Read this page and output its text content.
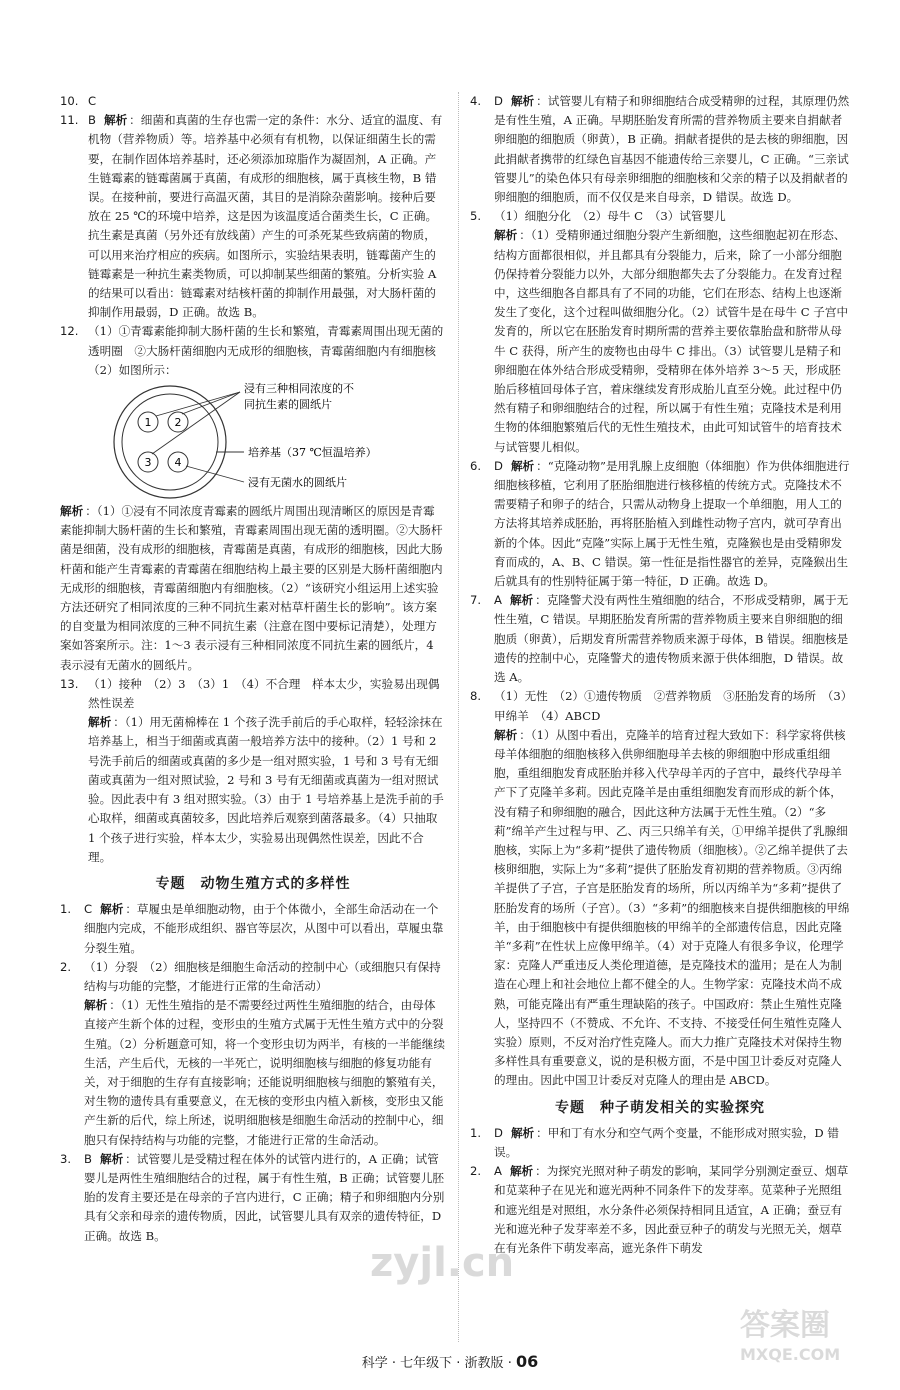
10. C
11. B 解析 ：细菌和真菌的生存也需一定的条件：水分、适宜的温度、有机物（营养物质）等。培养基中必须有有机物，以保证细菌生长的需要，在制作固体培养基时，还必须添加琼脂作为凝固剂，A 正确。产生链霉素的链霉菌属于真菌，有成形的细胞核，属于真核生物，B 错误。在接种前，要进行高温灭菌，其目的是消除杂菌影响。接种后要放在 25 ℃的环境中培养，这是因为该温度适合菌类生长，C 正确。抗生素是真菌（另外还有放线菌）产生的可杀死某些致病菌的物质，可以用来治疗相应的疾病。如图所示，实验结果表明，链霉菌产生的链霉素是一种抗生素类物质，可以抑制某些细菌的繁殖。分析实验 A 的结果可以看出：链霉素对结核杆菌的抑制作用最强，对大肠杆菌的抑制作用最弱，D 正确。故选 B。
12. （1）①青霉素能抑制大肠杆菌的生长和繁殖，青霉素周围出现无菌的透明圈　②大肠杆菌细胞内无成形的细胞核，青霉菌细胞内有细胞核　（2）如图所示：
1 2
3 4
浸有三种相同浓度的不
同抗生素的圆纸片
培养基（37 ℃恒温培养）
浸有无菌水的圆纸片
解析 ：（1）①浸有不同浓度青霉素的圆纸片周围出现清晰区的原因是青霉素能抑制大肠杆菌的生长和繁殖，青霉素周围出现无菌的透明圈。②大肠杆菌是细菌，没有成形的细胞核，青霉菌是真菌，有成形的细胞核，因此大肠杆菌和能产生青霉素的青霉菌在细胞结构上最主要的区别是大肠杆菌细胞内无成形的细胞核，青霉菌细胞内有细胞核。（2）“该研究小组运用上述实验方法还研究了相同浓度的三种不同抗生素对枯草杆菌生长的影响”。该方案的自变量为相同浓度的三种不同抗生素（注意在图中要标记清楚），处理方案如答案所示。注：1～3 表示浸有三种相同浓度不同抗生素的圆纸片，4 表示浸有无菌水的圆纸片。
13. （1）接种　（2）3　（3）1　（4）不合理　样本太少，实验易出现偶然性误差
解析 ：（1）用无菌棉棒在 1 个孩子洗手前后的手心取样，轻轻涂抹在培养基上，相当于细菌或真菌一般培养方法中的接种。（2）1 号和 2 号洗手前后的细菌或真菌的多少是一组对照实验，1 号和 3 号有无细菌或真菌为一组对照试验，2 号和 3 号有无细菌或真菌为一组对照试验。因此表中有 3 组对照实验。（3）由于 1 号培养基上是洗手前的手心取样，细菌或真菌较多，因此培养后观察到菌落最多。（4）只抽取 1 个孩子进行实验，样本太少，实验易出现偶然性误差，因此不合理。
专题　动物生殖方式的多样性
1.	C 解析 ：草履虫是单细胞动物，由于个体微小，全部生命活动在一个细胞内完成，不能形成组织、器官等层次，从图中可以看出，草履虫靠分裂生殖。
2.	（1）分裂　（2）细胞核是细胞生命活动的控制中心（或细胞只有保持结构与功能的完整，才能进行正常的生命活动）
解析 ：（1）无性生殖指的是不需要经过两性生殖细胞的结合，由母体直接产生新个体的过程，变形虫的生殖方式属于无性生殖方式中的分裂生殖。（2）分析题意可知，将一个变形虫切为两半，有核的一半能继续生活，产生后代，无核的一半死亡，说明细胞核与细胞的修复功能有关，对于细胞的生存有直接影响；还能说明细胞核与细胞的繁殖有关，对生物的遗传具有重要意义，在无核的变形虫内植入新核，变形虫又能产生新的后代，综上所述，说明细胞核是细胞生命活动的控制中心，细胞只有保持结构与功能的完整，才能进行正常的生命活动。
3.	B 解析 ：试管婴儿是受精过程在体外的试管内进行的，A 正确；试管婴儿是两性生殖细胞结合的过程，属于有性生殖，B 正确；试管婴儿胚胎的发育主要还是在母亲的子宫内进行，C 正确；精子和卵细胞内分别具有父亲和母亲的遗传物质，因此，试管婴儿具有双亲的遗传特征，D 正确。故选 B。
4.	D 解析 ：试管婴儿有精子和卵细胞结合成受精卵的过程，其原理仍然是有性生殖，A 正确。早期胚胎发育所需的营养物质主要来自捐献者卵细胞的细胞质（卵黄），B 正确。捐献者提供的是去核的卵细胞，因此捐献者携带的红绿色盲基因不能遗传给三亲婴儿，C 正确。“三亲试管婴儿”的染色体只有母亲卵细胞的细胞核和父亲的精子以及捐献者的卵细胞的细胞质，而不仅仅是来自母亲，D 错误。故选 D。
5.	（1）细胞分化　（2）母牛 C　（3）试管婴儿
解析 ：（1）受精卵通过细胞分裂产生新细胞，这些细胞起初在形态、结构方面都很相似，并且都具有分裂能力，后来，除了一小部分细胞仍保持着分裂能力以外，大部分细胞都失去了分裂能力。在发育过程中，这些细胞各自都具有了不同的功能，它们在形态、结构上也逐渐发生了变化，这个过程叫做细胞分化。（2）试管牛是在母牛 C 子宫中发育的，所以它在胚胎发育时期所需的营养主要依靠胎盘和脐带从母牛 C 获得，所产生的废物也由母牛 C 排出。（3）试管婴儿是精子和卵细胞在体外结合形成受精卵，受精卵在体外培养 3～5 天，形成胚胎后移植回母体子宫，着床继续发育形成胎儿直至分娩。此过程中仍然有精子和卵细胞结合的过程，所以属于有性生殖；克隆技术是利用生物的体细胞繁殖后代的无性生殖技术，由此可知试管牛的培育技术与试管婴儿相似。
6.	D 解析 ：“克隆动物”是用乳腺上皮细胞（体细胞）作为供体细胞进行细胞核移植，它利用了胚胎细胞进行核移植的传统方式。克隆技术不需要精子和卵子的结合，只需从动物身上提取一个单细胞，用人工的方法将其培养成胚胎，再将胚胎植入到雌性动物子宫内，就可孕育出新的个体。因此“克隆”实际上属于无性生殖，克隆猴也是由受精卵发育而成的，A、B、C 错误。第一性征是指性器官的差异，克隆猴出生后就具有的性别特征属于第一特征，D 正确。故选 D。
7.	A 解析 ：克隆警犬没有两性生殖细胞的结合，不形成受精卵，属于无性生殖，C 错误。早期胚胎发育所需的营养物质主要来自卵细胞的细胞质（卵黄），后期发育所需营养物质来源于母体，B 错误。细胞核是遗传的控制中心，克隆警犬的遗传物质来源于供体细胞，D 错误。故选 A。
8.	（1）无性　（2）①遗传物质　②营养物质　③胚胎发育的场所　（3）甲绵羊　（4）ABCD
解析 ：（1）从图中看出，克隆羊的培育过程大致如下：科学家将供核母羊体细胞的细胞核移入供卵细胞母羊去核的卵细胞中形成重组细胞，重组细胞发育成胚胎并移入代孕母羊丙的子宫中，最终代孕母羊产下了克隆羊多莉。因此克隆羊是由重组细胞发育而形成的新个体，没有精子和卵细胞的融合，因此这种方法属于无性生殖。（2）“多莉”绵羊产生过程与甲、乙、丙三只绵羊有关，①甲绵羊提供了乳腺细胞核，实际上为“多莉”提供了遗传物质（细胞核）。②乙绵羊提供了去核卵细胞，实际上为“多莉”提供了胚胎发育初期的营养物质。③丙绵羊提供了子宫，子宫是胚胎发育的场所，所以丙绵羊为“多莉”提供了胚胎发育的场所（子宫）。（3）“多莉”的细胞核来自提供细胞核的甲绵羊，由于细胞核中有提供细胞核的甲绵羊的全部遗传信息，因此克隆羊“多莉”在性状上应像甲绵羊。（4）对于克隆人有很多争议，伦理学家：克隆人严重违反人类伦理道德，是克隆技术的滥用；是在人为制造在心理上和社会地位上都不健全的人。生物学家：克隆技术尚不成熟，可能克隆出有严重生理缺陷的孩子。中国政府：禁止生殖性克隆人，坚持四不（不赞成、不允许、不支持、不接受任何生殖性克隆人实验）原则，不反对治疗性克隆人。而大力推广克隆技术对保持生物多样性具有重要意义，说的是积极方面，不是中国卫计委反对克隆人的理由。因此中国卫计委反对克隆人的理由是 ABCD。
专题　种子萌发相关的实验探究
1.	D 解析 ：甲和丁有水分和空气两个变量，不能形成对照实验，D 错误。
2.	A 解析 ：为探究光照对种子萌发的影响，某同学分别测定蚕豆、烟草和苋菜种子在见光和遮光两种不同条件下的发芽率。苋菜种子光照组和遮光组是对照组，水分条件必须保持相同且适宜，A 正确；蚕豆有光和遮光种子发芽率差不多，因此蚕豆种子的萌发与光照无关，烟草在有光条件下萌发率高，遮光条件下萌发
zyjl.cn
答案圈
MXQE.COM
科学 · 七年级下 · 浙教版 · 06
